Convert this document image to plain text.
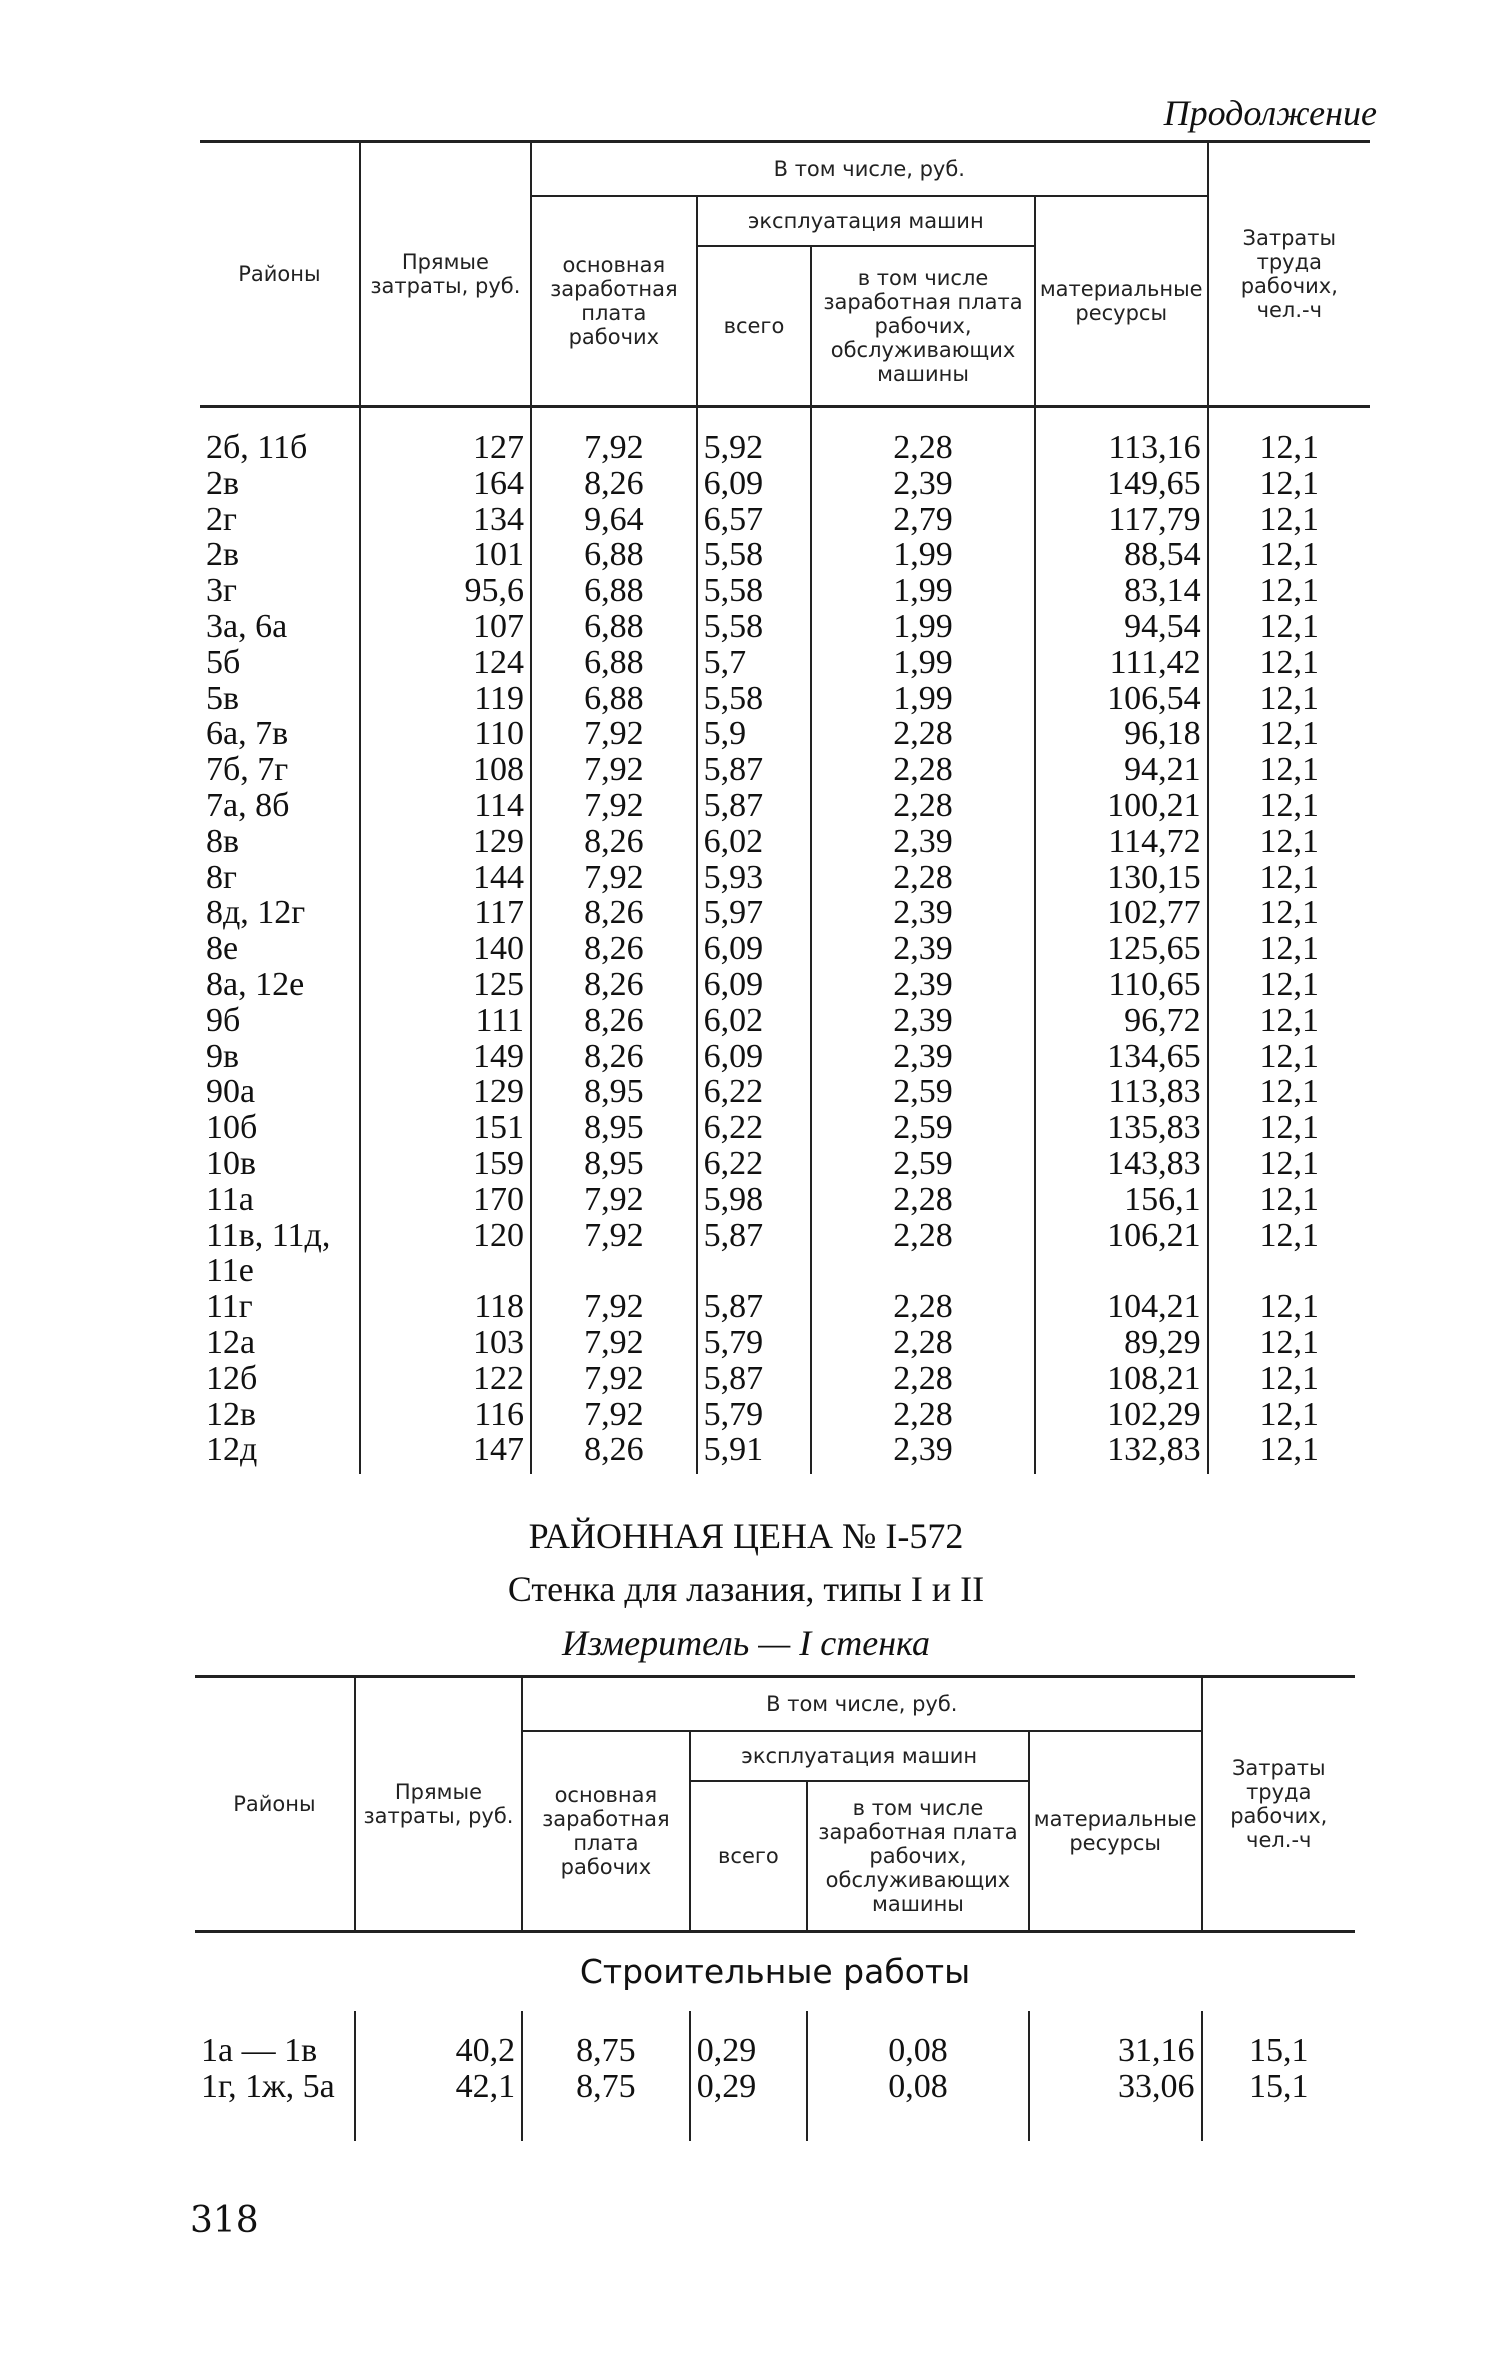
Продолжение
Районы	Прямые затраты, руб.	В том числе, руб.				Затраты труда рабочих, чел.-ч
		основная заработная плата рабочих	эксплуатация машин		материальные ресурсы	
			всего	в том числе заработная плата рабочих, обслуживающих машины		
2б, 11б	127	7,92	5,92	2,28	113,16	12,1
2в	164	8,26	6,09	2,39	149,65	12,1
2г	134	9,64	6,57	2,79	117,79	12,1
2в	101	6,88	5,58	1,99	88,54	12,1
3г	95,6	6,88	5,58	1,99	83,14	12,1
3а, 6а	107	6,88	5,58	1,99	94,54	12,1
5б	124	6,88	5,7	1,99	111,42	12,1
5в	119	6,88	5,58	1,99	106,54	12,1
6а, 7в	110	7,92	5,9	2,28	96,18	12,1
7б, 7г	108	7,92	5,87	2,28	94,21	12,1
7а, 8б	114	7,92	5,87	2,28	100,21	12,1
8в	129	8,26	6,02	2,39	114,72	12,1
8г	144	7,92	5,93	2,28	130,15	12,1
8д, 12г	117	8,26	5,97	2,39	102,77	12,1
8е	140	8,26	6,09	2,39	125,65	12,1
8а, 12е	125	8,26	6,09	2,39	110,65	12,1
9б	111	8,26	6,02	2,39	96,72	12,1
9в	149	8,26	6,09	2,39	134,65	12,1
90а	129	8,95	6,22	2,59	113,83	12,1
10б	151	8,95	6,22	2,59	135,83	12,1
10в	159	8,95	6,22	2,59	143,83	12,1
11а	170	7,92	5,98	2,28	156,1	12,1
11в, 11д,	120	7,92	5,87	2,28	106,21	12,1
11е						
11г	118	7,92	5,87	2,28	104,21	12,1
12а	103	7,92	5,79	2,28	89,29	12,1
12б	122	7,92	5,87	2,28	108,21	12,1
12в	116	7,92	5,79	2,28	102,29	12,1
12д	147	8,26	5,91	2,39	132,83	12,1
РАЙОННАЯ ЦЕНА № I-572
Стенка для лазания, типы I и II
Измеритель — I стенка
Районы	Прямые затраты, руб.	В том числе, руб.				Затраты труда рабочих, чел.-ч
		основная заработная плата рабочих	эксплуатация машин		материальные ресурсы	
			всего	в том числе заработная плата рабочих, обслуживающих машины		
Строительные работы						
1а — 1в	40,2	8,75	0,29	0,08	31,16	15,1
1г, 1ж, 5а	42,1	8,75	0,29	0,08	33,06	15,1
318
